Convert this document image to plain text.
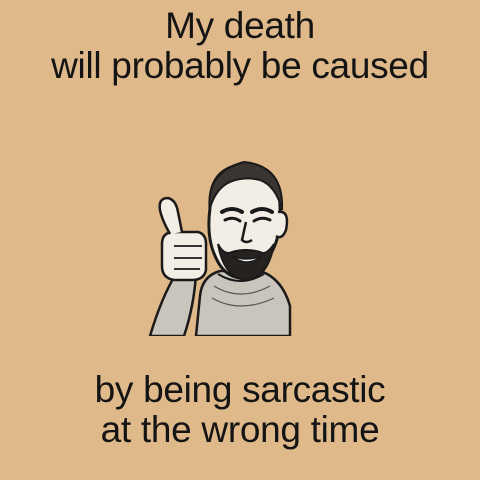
My death
will probably be caused
by being sarcastic
at the wrong time
